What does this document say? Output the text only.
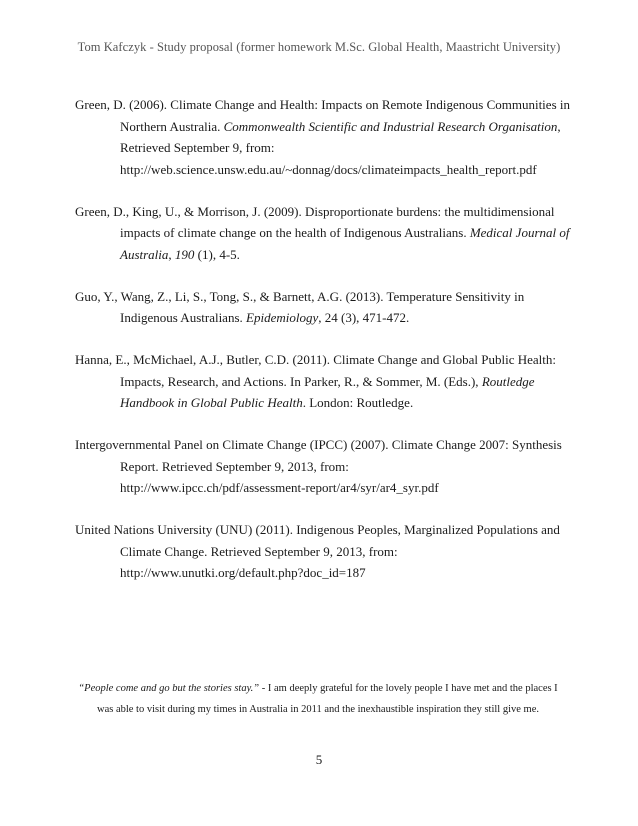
Tom Kafczyk - Study proposal (former homework M.Sc. Global Health, Maastricht University)
Green, D. (2006). Climate Change and Health: Impacts on Remote Indigenous Communities in
Northern Australia. Commonwealth Scientific and Industrial Research Organisation,
Retrieved September 9, from:
http://web.science.unsw.edu.au/~donnag/docs/climateimpacts_health_report.pdf
Green, D., King, U., & Morrison, J. (2009). Disproportionate burdens: the multidimensional
impacts of climate change on the health of Indigenous Australians. Medical Journal of
Australia, 190 (1), 4-5.
Guo, Y., Wang, Z., Li, S., Tong, S., & Barnett, A.G. (2013). Temperature Sensitivity in
Indigenous Australians. Epidemiology, 24 (3), 471-472.
Hanna, E., McMichael, A.J., Butler, C.D. (2011). Climate Change and Global Public Health:
Impacts, Research, and Actions. In Parker, R., & Sommer, M. (Eds.), Routledge
Handbook in Global Public Health. London: Routledge.
Intergovernmental Panel on Climate Change (IPCC) (2007). Climate Change 2007: Synthesis
Report. Retrieved September 9, 2013, from:
http://www.ipcc.ch/pdf/assessment-report/ar4/syr/ar4_syr.pdf
United Nations University (UNU) (2011). Indigenous Peoples, Marginalized Populations and
Climate Change. Retrieved September 9, 2013, from:
http://www.unutki.org/default.php?doc_id=187
“People come and go but the stories stay.” - I am deeply grateful for the lovely people I have met and the places I
was able to visit during my times in Australia in 2011 and the inexhaustible inspiration they still give me.
5
